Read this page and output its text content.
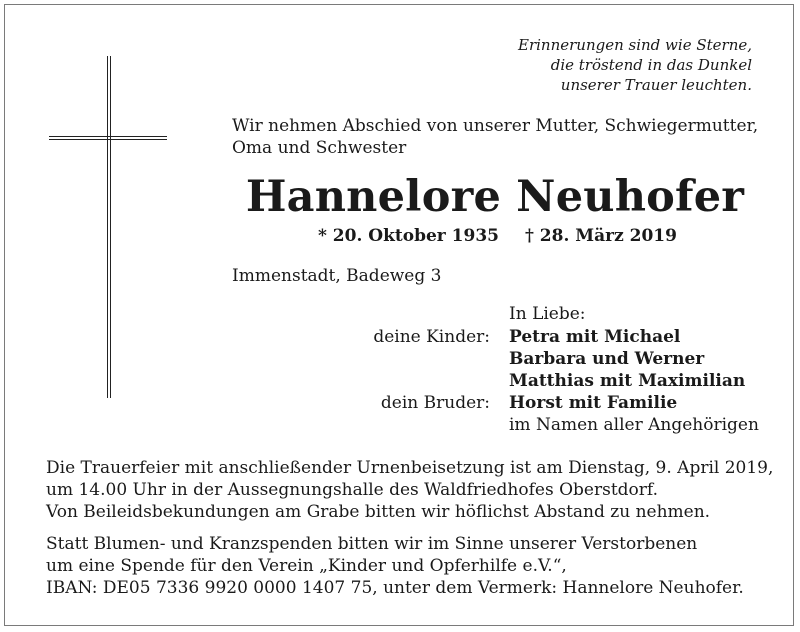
Erinnerungen sind wie Sterne,
die tröstend in das Dunkel
unserer Trauer leuchten.
Wir nehmen Abschied von unserer Mutter, Schwiegermutter,
Oma und Schwester
Hannelore Neuhofer
* 20. Oktober 1935 † 28. März 2019
Immenstadt, Badeweg 3
In Liebe:
deine Kinder: Petra mit Michael
Barbara und Werner
Matthias mit Maximilian
dein Bruder: Horst mit Familie
im Namen aller Angehörigen
Die Trauerfeier mit anschließender Urnenbeisetzung ist am Dienstag, 9. April 2019,
um 14.00 Uhr in der Aussegnungshalle des Waldfriedhofes Oberstdorf.
Von Beileidsbekundungen am Grabe bitten wir höflichst Abstand zu nehmen.
Statt Blumen- und Kranzspenden bitten wir im Sinne unserer Verstorbenen
um eine Spende für den Verein „Kinder und Opferhilfe e.V.“,
IBAN: DE05 7336 9920 0000 1407 75, unter dem Vermerk: Hannelore Neuhofer.
